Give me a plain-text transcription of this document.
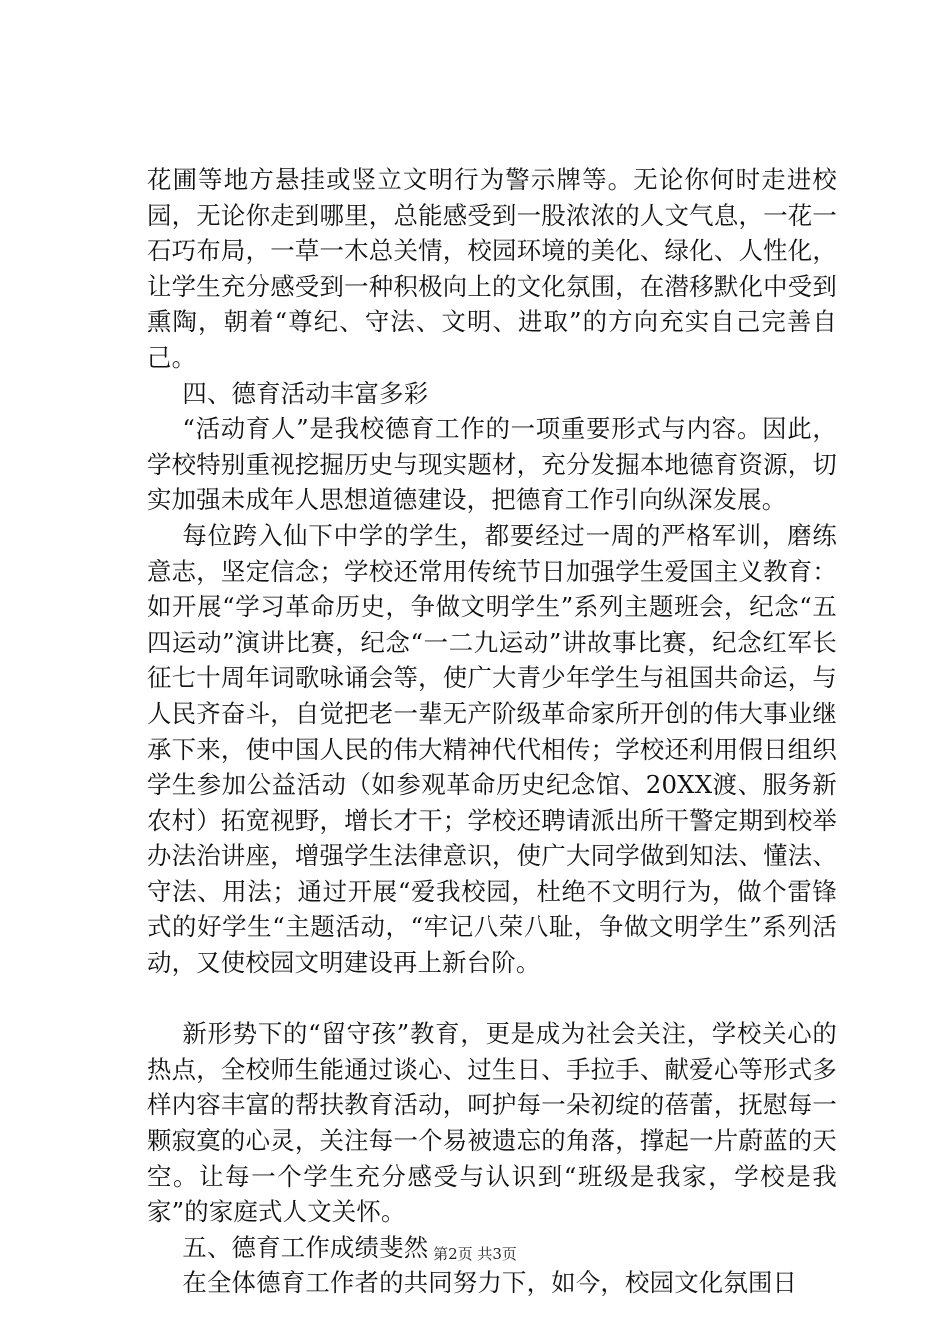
花圃等地方悬挂或竖立文明行为警示牌等。无论你何时走进校园，无论你走到哪里，总能感受到一股浓浓的人文气息，一花一石巧布局，一草一木总关情，校园环境的美化、绿化、人性化，让学生充分感受到一种积极向上的文化氛围，在潜移默化中受到熏陶，朝着“尊纪、守法、文明、进取”的方向充实自己完善自己。

四、德育活动丰富多彩

“活动育人”是我校德育工作的一项重要形式与内容。因此，学校特别重视挖掘历史与现实题材，充分发掘本地德育资源，切实加强未成年人思想道德建设，把德育工作引向纵深发展。

每位跨入仙下中学的学生，都要经过一周的严格军训，磨练意志，坚定信念；学校还常用传统节日加强学生爱国主义教育：如开展“学习革命历史，争做文明学生”系列主题班会，纪念“五四运动”演讲比赛，纪念“一二九运动”讲故事比赛，纪念红军长征七十周年词歌咏诵会等，使广大青少年学生与祖国共命运，与人民齐奋斗，自觉把老一辈无产阶级革命家所开创的伟大事业继承下来，使中国人民的伟大精神代代相传；学校还利用假日组织学生参加公益活动（如参观革命历史纪念馆、20XX渡、服务新农村）拓宽视野，增长才干；学校还聘请派出所干警定期到校举办法治讲座，增强学生法律意识，使广大同学做到知法、懂法、守法、用法；通过开展“爱我校园，杜绝不文明行为，做个雷锋式的好学生“主题活动，“牢记八荣八耻，争做文明学生”系列活动，又使校园文明建设再上新台阶。

新形势下的“留守孩”教育，更是成为社会关注，学校关心的热点，全校师生能通过谈心、过生日、手拉手、献爱心等形式多样内容丰富的帮扶教育活动，呵护每一朵初绽的蓓蕾，抚慰每一颗寂寞的心灵，关注每一个易被遗忘的角落，撑起一片蔚蓝的天空。让每一个学生充分感受与认识到“班级是我家，学校是我家”的家庭式人文关怀。

五、德育工作成绩斐然

在全体德育工作者的共同努力下，如今，校园文化氛围日

第2页 共3页
